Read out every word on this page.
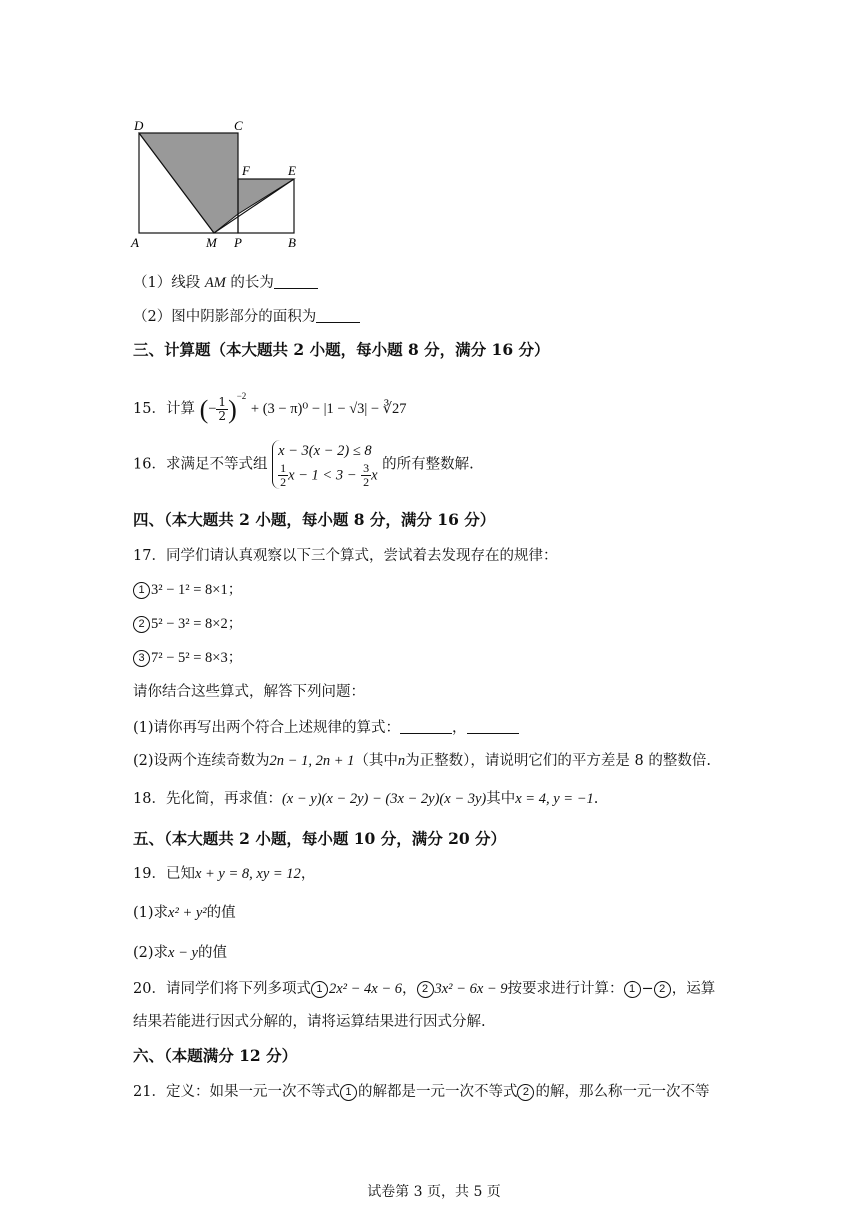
D	C
F	E
A	M P	B
（1）线段 AM 的长为
（2）图中阴影部分的面积为
三、计算题（本大题共 2 小题，每小题 8 分，满分 16 分）
15．计算 (− $\frac{1}{2} )^{-2} + (3 - \pi)^0 - |1 - √3|$ − ∛27
16．求满足不等式组
x − 3(x − 2) ≤ 8
$\frac{1}{2}$ $x - 1 < 3 - \frac{3}{2}$ x
的所有整数解.
四、（本大题共 2 小题，每小题 8 分，满分 16 分）
17．同学们请认真观察以下三个算式，尝试着去发现存在的规律：
1 3² − 1² = 8×1；
2 5² − 3² = 8×2；
3 7² − 5² = 8×3；
请你结合这些算式，解答下列问题：
(1)请你再写出两个符合上述规律的算式：	，
(2)设两个连续奇数为2n − 1, 2n + 1（其中n为正整数），请说明它们的平方差是 8 的整数倍.
18．先化简，再求值：(x − y)(x − 2y) − (3x − 2y)(x − 3y)其中x = 4, y = −1.
五、（本大题共 2 小题，每小题 10 分，满分 20 分）
19．已知x + y = 8, xy = 12，
(1)求x² + y²的值
(2)求x − y的值
20．请同学们将下列多项式 1 2x² − 4x − 6， 2 3x² − 6x − 9按要求进行计算： 1 − 2 ，运算
结果若能进行因式分解的，请将运算结果进行因式分解.
六、（本题满分 12 分）
21．定义：如果一元一次不等式 1 的解都是一元一次不等式 2 的解，那么称一元一次不等
试卷第 3 页，共 5 页
